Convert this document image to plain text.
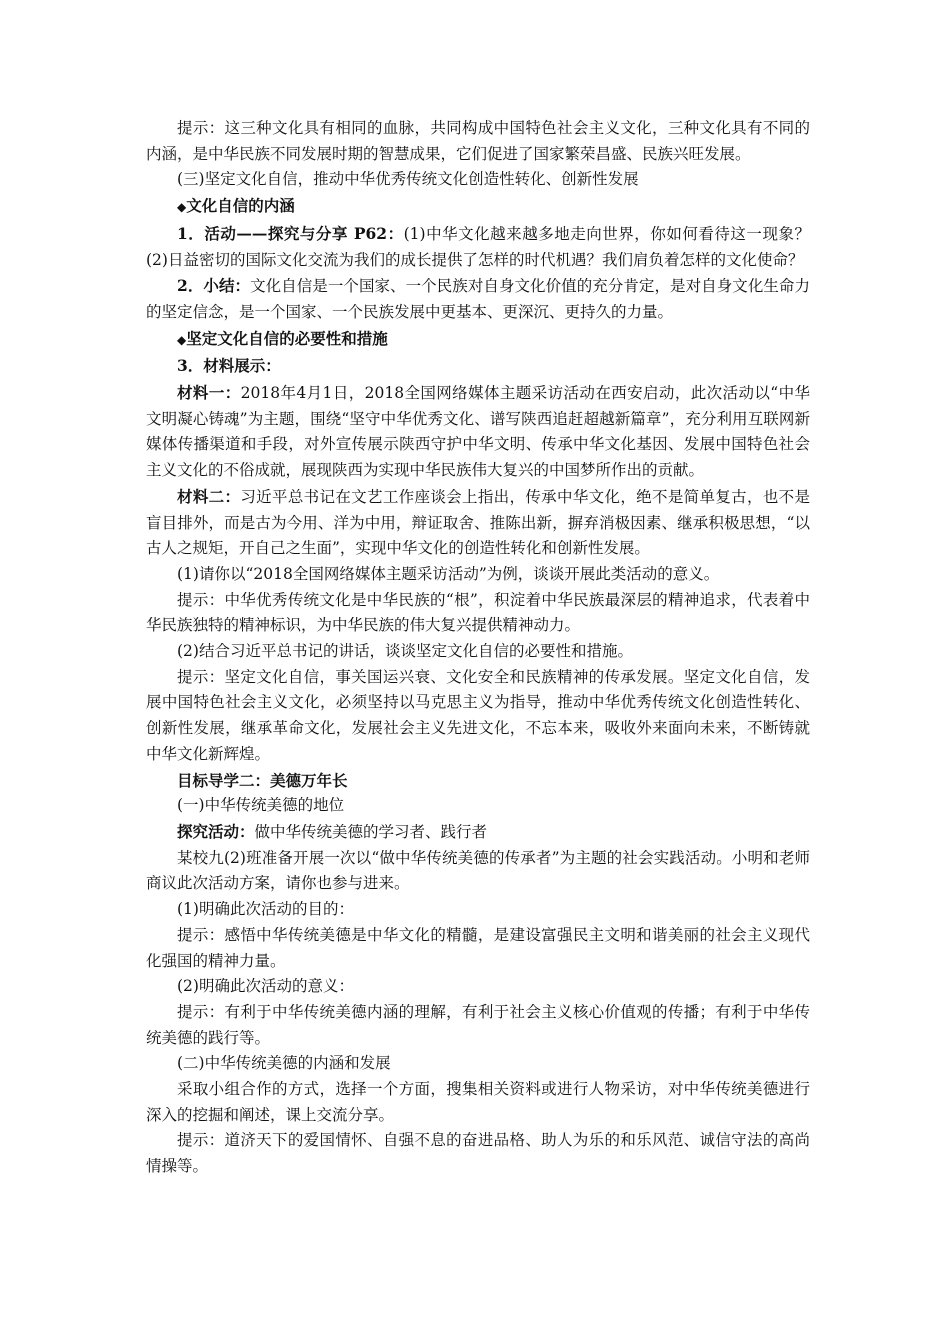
提示：这三种文化具有相同的血脉，共同构成中国特色社会主义文化，三种文化具有不同的内涵，是中华民族不同发展时期的智慧成果，它们促进了国家繁荣昌盛、民族兴旺发展。

(三)坚定文化自信，推动中华优秀传统文化创造性转化、创新性发展

◆文化自信的内涵

1．活动——探究与分享 P62：(1)中华文化越来越多地走向世界，你如何看待这一现象？(2)日益密切的国际文化交流为我们的成长提供了怎样的时代机遇？我们肩负着怎样的文化使命？

2．小结：文化自信是一个国家、一个民族对自身文化价值的充分肯定，是对自身文化生命力的坚定信念，是一个国家、一个民族发展中更基本、更深沉、更持久的力量。

◆坚定文化自信的必要性和措施

3．材料展示：

材料一：2018年4月1日，2018全国网络媒体主题采访活动在西安启动，此次活动以“中华文明凝心铸魂”为主题，围绕“坚守中华优秀文化、谱写陕西追赶超越新篇章”，充分利用互联网新媒体传播渠道和手段，对外宣传展示陕西守护中华文明、传承中华文化基因、发展中国特色社会主义文化的不俗成就，展现陕西为实现中华民族伟大复兴的中国梦所作出的贡献。

材料二：习近平总书记在文艺工作座谈会上指出，传承中华文化，绝不是简单复古，也不是盲目排外，而是古为今用、洋为中用，辩证取舍、推陈出新，摒弃消极因素、继承积极思想，“以古人之规矩，开自己之生面”，实现中华文化的创造性转化和创新性发展。

(1)请你以“2018全国网络媒体主题采访活动”为例，谈谈开展此类活动的意义。

提示：中华优秀传统文化是中华民族的“根”，积淀着中华民族最深层的精神追求，代表着中华民族独特的精神标识，为中华民族的伟大复兴提供精神动力。

(2)结合习近平总书记的讲话，谈谈坚定文化自信的必要性和措施。

提示：坚定文化自信，事关国运兴衰、文化安全和民族精神的传承发展。坚定文化自信，发展中国特色社会主义文化，必须坚持以马克思主义为指导，推动中华优秀传统文化创造性转化、创新性发展，继承革命文化，发展社会主义先进文化，不忘本来，吸收外来面向未来，不断铸就中华文化新辉煌。

目标导学二：美德万年长

(一)中华传统美德的地位

探究活动：做中华传统美德的学习者、践行者

某校九(2)班准备开展一次以“做中华传统美德的传承者”为主题的社会实践活动。小明和老师商议此次活动方案，请你也参与进来。

(1)明确此次活动的目的：

提示：感悟中华传统美德是中华文化的精髓，是建设富强民主文明和谐美丽的社会主义现代化强国的精神力量。

(2)明确此次活动的意义：

提示：有利于中华传统美德内涵的理解，有利于社会主义核心价值观的传播；有利于中华传统美德的践行等。

(二)中华传统美德的内涵和发展

采取小组合作的方式，选择一个方面，搜集相关资料或进行人物采访，对中华传统美德进行深入的挖掘和阐述，课上交流分享。

提示：道济天下的爱国情怀、自强不息的奋进品格、助人为乐的和乐风范、诚信守法的高尚情操等。
